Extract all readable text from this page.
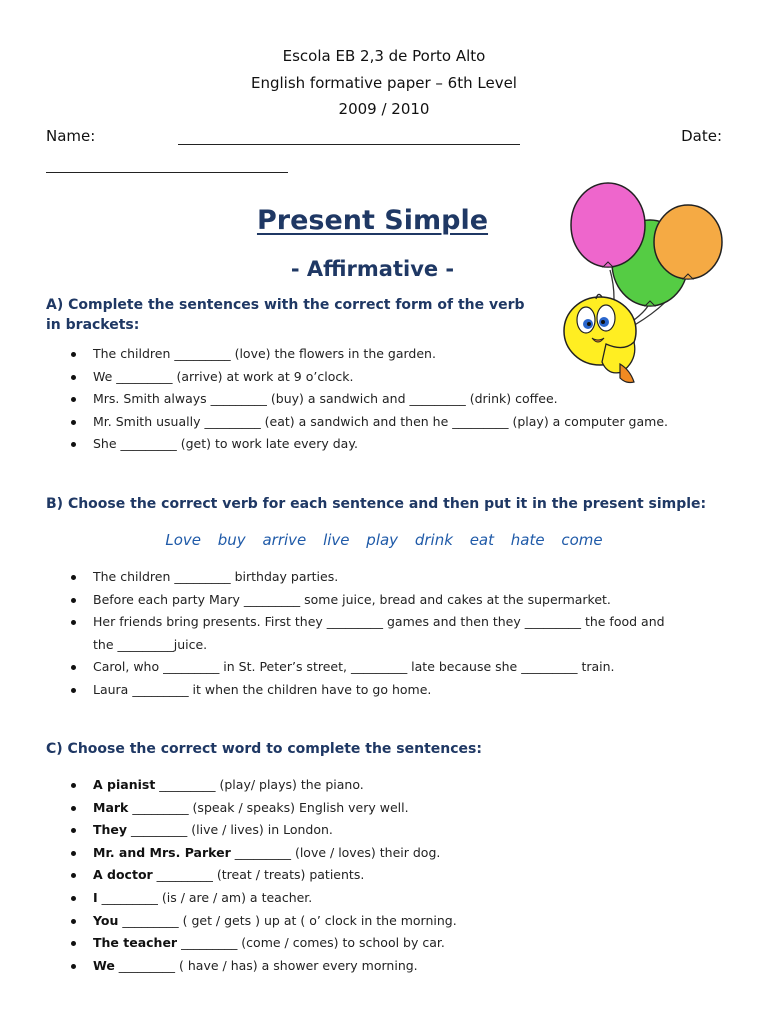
Escola EB 2,3 de Porto Alto
English formative paper – 6th Level
2009 / 2010
Name:	Date:
Present Simple
- Affirmative -
A) Complete the sentences with the correct form of the verb
in brackets:
The children _________ (love) the flowers in the garden.
We _________ (arrive) at work at 9 o’clock.
Mrs. Smith always _________ (buy) a sandwich and _________ (drink) coffee.
Mr. Smith usually _________ (eat) a sandwich and then he _________ (play) a computer game.
She _________ (get) to work late every day.
B) Choose the correct verb for each sentence and then put it in the present simple:
Love buy arrive live play drink eat hate come
The children _________ birthday parties.
Before each party Mary _________ some juice, bread and cakes at the supermarket.
Her friends bring presents. First they _________ games and then they _________ the food and
the _________juice.
Carol, who _________ in St. Peter’s street, _________ late because she _________ train.
Laura _________ it when the children have to go home.
C) Choose the correct word to complete the sentences:
A pianist _________ (play/ plays) the piano.
Mark _________ (speak / speaks) English very well.
They _________ (live / lives) in London.
Mr. and Mrs. Parker _________ (love / loves) their dog.
A doctor _________ (treat / treats) patients.
I _________ (is / are / am) a teacher.
You _________ ( get / gets ) up at ( o’ clock in the morning.
The teacher _________ (come / comes) to school by car.
We _________ ( have / has) a shower every morning.
